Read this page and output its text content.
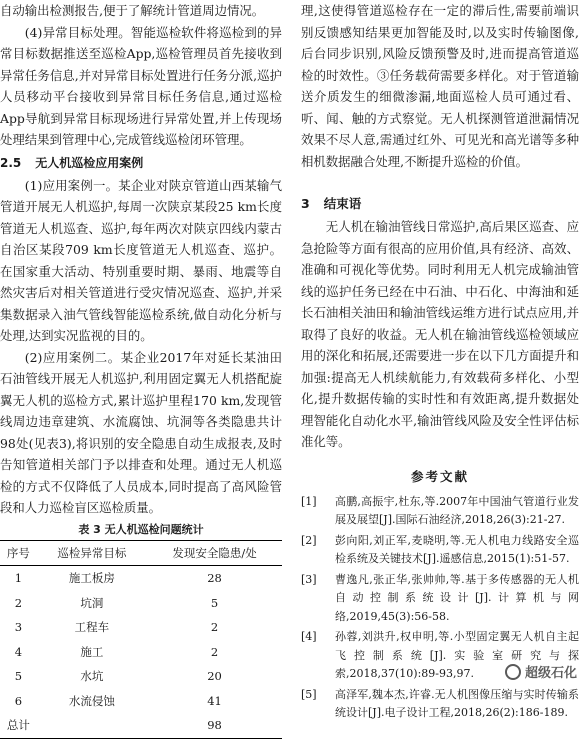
自动输出检测报告,便于了解统计管道周边情况。

(4)异常目标处理。智能巡检软件将巡检到的异常目标数据推送至巡检App,巡检管理员首先接收到异常任务信息,并对异常目标处置进行任务分派,巡护人员移动平台接收到异常目标任务信息,通过巡检App导航到异常目标现场进行异常处置,并上传现场处理结果到管理中心,完成管线巡检闭环管理。

2.5 无人机巡检应用案例

(1)应用案例一。某企业对陕京管道山西某输气管道开展无人机巡护,每周一次陕京某段25 km长度管道无人机巡查、巡护,每年两次对陕京四线内蒙古自治区某段709 km长度管道无人机巡查、巡护。在国家重大活动、特别重要时期、暴雨、地震等自然灾害后对相关管道进行受灾情况巡查、巡护,并采集数据录入油气管线智能巡检系统,做自动化分析与处理,达到实况监视的目的。

(2)应用案例二。某企业2017年对延长某油田石油管线开展无人机巡护,利用固定翼无人机搭配旋翼无人机的巡检方式,累计巡护里程170 km,发现管线周边违章建筑、水流腐蚀、坑洞等各类隐患共计98处(见表3),将识别的安全隐患自动生成报表,及时告知管道相关部门予以排查和处理。通过无人机巡检的方式不仅降低了人员成本,同时提高了高风险管段和人力巡检盲区巡检质量。

表 3 无人机巡检问题统计
序号	巡检异常目标	发现安全隐患/处
1	施工板房	28
2	坑洞	5
3	工程车	2
4	施工	2
5	水坑	20
6	水流侵蚀	41
总计		98

理,这使得管道巡检存在一定的滞后性,需要前端识别反馈感知结果更加智能及时,以及实时传输图像,后台同步识别,风险反馈预警及时,进而提高管道巡检的时效性。③任务载荷需要多样化。对于管道输送介质发生的细微渗漏,地面巡检人员可通过看、听、闻、触的方式察觉。无人机探测管道泄漏情况效果不尽人意,需通过红外、可见光和高光谱等多种相机数据融合处理,不断提升巡检的价值。

3 结束语

无人机在输油管线日常巡护,高后果区巡查、应急抢险等方面有很高的应用价值,具有经济、高效、准确和可视化等优势。同时利用无人机完成输油管线的巡护任务已经在中石油、中石化、中海油和延长石油相关油田和输油管线运维方进行试点应用,并取得了良好的收益。无人机在输油管线巡检领域应用的深化和拓展,还需要进一步在以下几方面提升和加强:提高无人机续航能力,有效载荷多样化、小型化,提升数据传输的实时性和有效距离,提升数据处理智能化自动化水平,输油管线风险及安全性评估标准化等。

参考文献
[1]	高鹏,高振宇,杜东,等.2007年中国油气管道行业发展及展望[J].国际石油经济,2018,26(3):21-27.
[2]	彭向阳,刘正军,麦晓明,等.无人机电力线路安全巡检系统及关键技术[J].遥感信息,2015(1):51-57.
[3]	曹逸凡,张正华,张帅帅,等.基于多传感器的无人机自动控制系统设计[J].计算机与网络,2019,45(3):56-58.
[4]	孙蓉,刘洪升,权申明,等.小型固定翼无人机自主起飞控制系统[J].实验室研究与探索,2018,37(10):89-93,97.
[5]	高泽军,魏本杰,许睿.无人机图像压缩与实时传输系统设计[J].电子设计工程,2018,26(2):186-189.
超级石化
